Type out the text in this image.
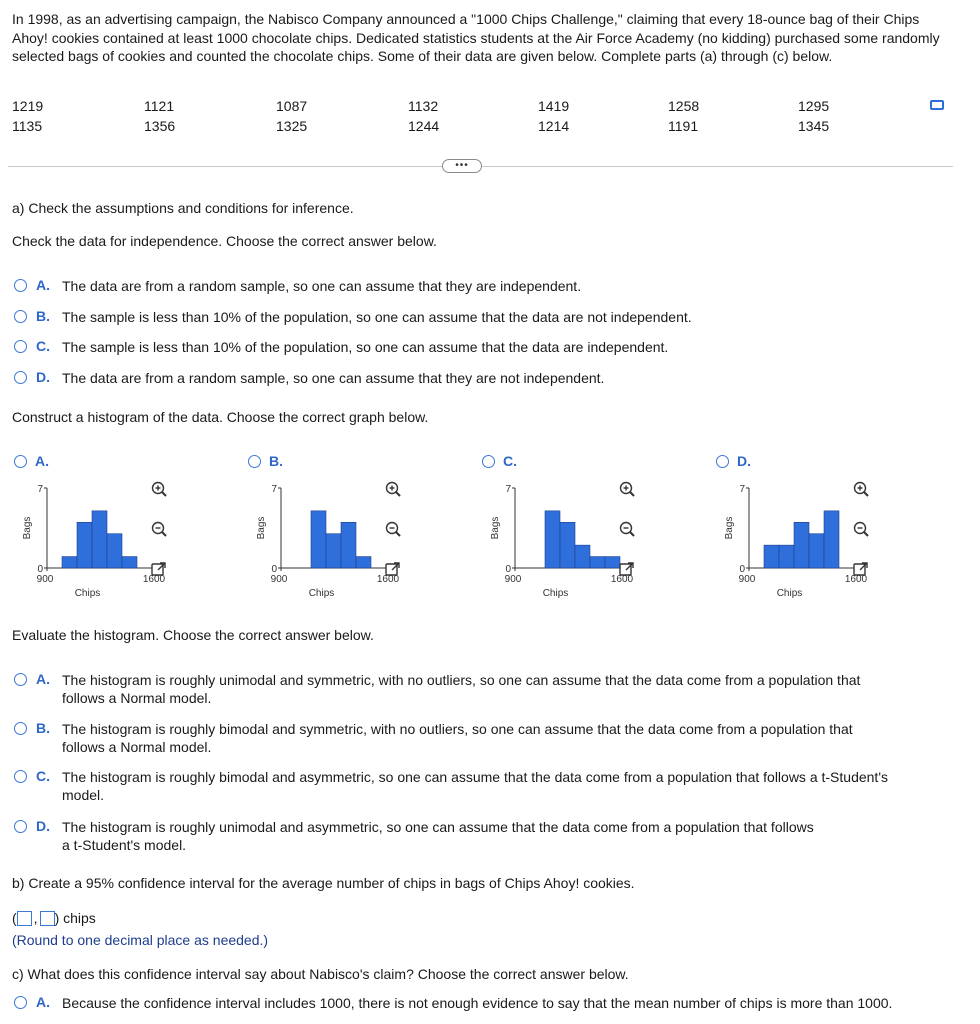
In 1998, as an advertising campaign, the Nabisco Company announced a "1000 Chips Challenge," claiming that every 18-ounce bag of their Chips Ahoy! cookies contained at least 1000 chocolate chips. Dedicated statistics students at the Air Force Academy (no kidding) purchased some randomly selected bags of cookies and counted the chocolate chips. Some of their data are given below. Complete parts (a) through (c) below.
1219	1121	1087	1132	1419	1258	1295
1135	1356	1325	1244	1214	1191	1345
•••
a) Check the assumptions and conditions for inference.
Check the data for independence. Choose the correct answer below.
A. The data are from a random sample, so one can assume that they are independent.
B. The sample is less than 10% of the population, so one can assume that the data are not independent.
C. The sample is less than 10% of the population, so one can assume that the data are independent.
D. The data are from a random sample, so one can assume that they are not independent.
Construct a histogram of the data. Choose the correct graph below.
A.	B.	C.	D.
7
0
900	1600
Chips
Bags
7
0
900	1600
Chips
Bags
7
0
900	1600
Chips
Bags
7
0
900	1600
Chips
Bags
Evaluate the histogram. Choose the correct answer below.
A. The histogram is roughly unimodal and symmetric, with no outliers, so one can assume that the data come from a population that
follows a Normal model.
B. The histogram is roughly bimodal and symmetric, with no outliers, so one can assume that the data come from a population that
follows a Normal model.
C. The histogram is roughly bimodal and asymmetric, so one can assume that the data come from a population that follows a t-Student's
model.
D. The histogram is roughly unimodal and asymmetric, so one can assume that the data come from a population that follows
a t-Student's model.
b) Create a 95% confidence interval for the average number of chips in bags of Chips Ahoy! cookies.
( , ) chips
(Round to one decimal place as needed.)
c) What does this confidence interval say about Nabisco's claim? Choose the correct answer below.
A. Because the confidence interval includes 1000, there is not enough evidence to say that the mean number of chips is more than 1000.
